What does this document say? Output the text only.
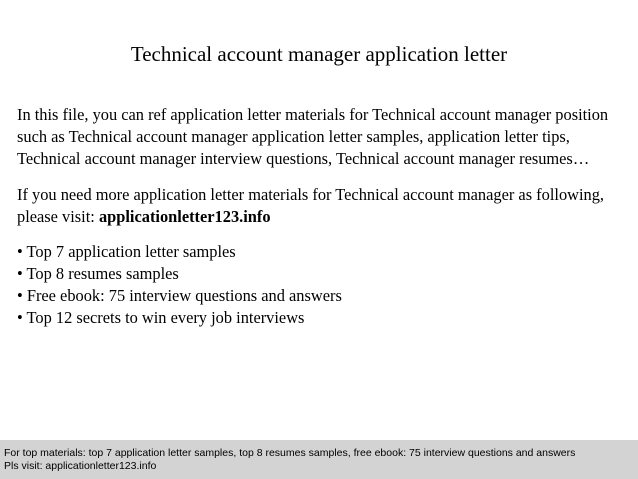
Technical account manager application letter

In this file, you can ref application letter materials for Technical account manager position such as Technical account manager application letter samples, application letter tips, Technical account manager interview questions, Technical account manager resumes…

If you need more application letter materials for Technical account manager as following, please visit: applicationletter123.info

• Top 7 application letter samples
• Top 8 resumes samples
• Free ebook: 75 interview questions and answers
• Top 12 secrets to win every job interviews
For top materials: top 7 application letter samples, top 8 resumes samples, free ebook: 75 interview questions and answers
Pls visit: applicationletter123.info
